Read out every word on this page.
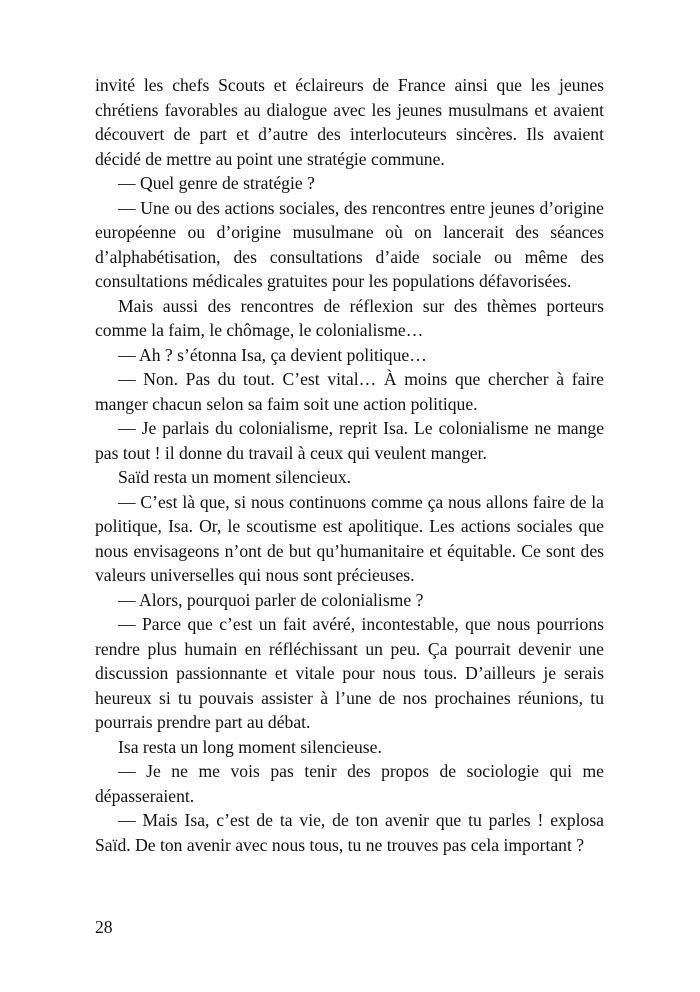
invité les chefs Scouts et éclaireurs de France ainsi que les jeunes chrétiens favorables au dialogue avec les jeunes musulmans et avaient découvert de part et d’autre des interlocuteurs sincères. Ils avaient décidé de mettre au point une stratégie commune.

— Quel genre de stratégie ?

— Une ou des actions sociales, des rencontres entre jeunes d’origine européenne ou d’origine musulmane où on lancerait des séances d’alphabétisation, des consultations d’aide sociale ou même des consultations médicales gratuites pour les populations défavorisées.

Mais aussi des rencontres de réflexion sur des thèmes porteurs comme la faim, le chômage, le colonialisme…

— Ah ? s’étonna Isa, ça devient politique…

— Non. Pas du tout. C’est vital… À moins que chercher à faire manger chacun selon sa faim soit une action politique.

— Je parlais du colonialisme, reprit Isa. Le colonialisme ne mange pas tout ! il donne du travail à ceux qui veulent manger.

Saïd resta un moment silencieux.

— C’est là que, si nous continuons comme ça nous allons faire de la politique, Isa. Or, le scoutisme est apolitique. Les actions sociales que nous envisageons n’ont de but qu’humanitaire et équitable. Ce sont des valeurs universelles qui nous sont précieuses.

— Alors, pourquoi parler de colonialisme ?

— Parce que c’est un fait avéré, incontestable, que nous pourrions rendre plus humain en réfléchissant un peu. Ça pourrait devenir une discussion passionnante et vitale pour nous tous. D’ailleurs je serais heureux si tu pouvais assister à l’une de nos prochaines réunions, tu pourrais prendre part au débat.

Isa resta un long moment silencieuse.

— Je ne me vois pas tenir des propos de sociologie qui me dépasseraient.

— Mais Isa, c’est de ta vie, de ton avenir que tu parles ! explosa Saïd. De ton avenir avec nous tous, tu ne trouves pas cela important ?

28
